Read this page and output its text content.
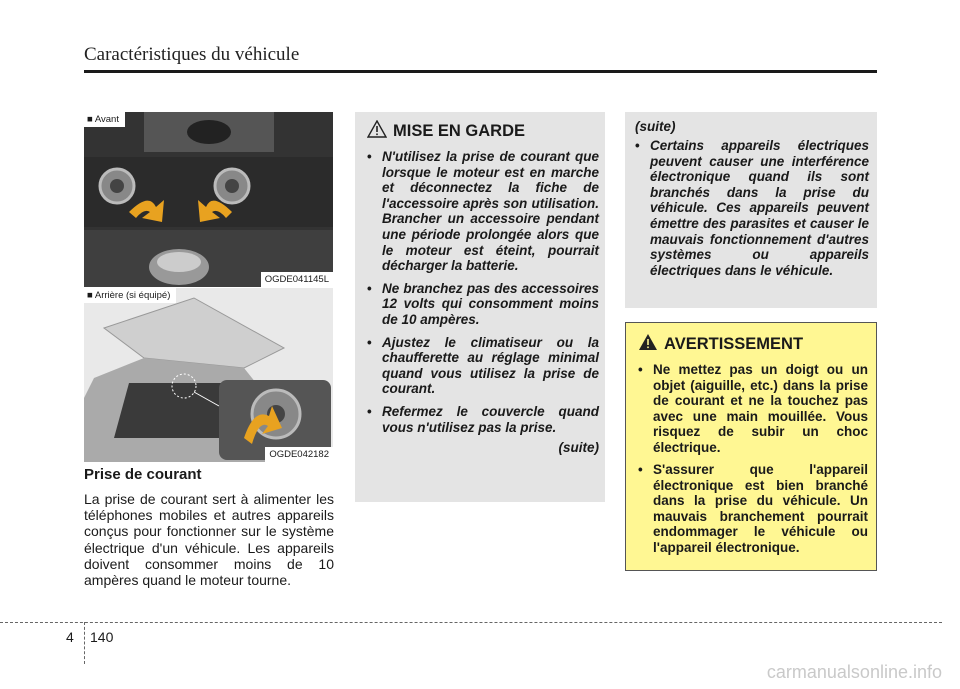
Caractéristiques du véhicule
■ Avant
OGDE041145L
■ Arrière (si équipé)
OGDE042182
Prise de courant
La prise de courant sert à alimenter les téléphones mobiles et autres appareils conçus pour fonctionner sur le système électrique d'un véhicule. Les appareils doivent consommer moins de 10 ampères quand le moteur tourne.
MISE EN GARDE
• N'utilisez la prise de courant que lorsque le moteur est en marche et déconnectez la fiche de l'accessoire après son utilisation. Brancher un accessoire pendant une période prolongée alors que le moteur est éteint, pourrait décharger la batterie.
• Ne branchez pas des accessoires 12 volts qui consomment moins de 10 ampères.
• Ajustez le climatiseur ou la chaufferette au réglage minimal quand vous utilisez la prise de courant.
• Refermez le couvercle quand vous n'utilisez pas la prise.
(suite)
(suite)
• Certains appareils électriques peuvent causer une interférence électronique quand ils sont branchés dans la prise du véhicule. Ces appareils peuvent émettre des parasites et causer le mauvais fonctionnement d'autres systèmes ou appareils électriques dans le véhicule.
AVERTISSEMENT
• Ne mettez pas un doigt ou un objet (aiguille, etc.) dans la prise de courant et ne la touchez pas avec une main mouillée. Vous risquez de subir un choc électrique.
• S'assurer que l'appareil électronique est bien branché dans la prise du véhicule. Un mauvais branchement pourrait endommager le véhicule ou l'appareil électronique.
4 140
carmanualsonline.info
